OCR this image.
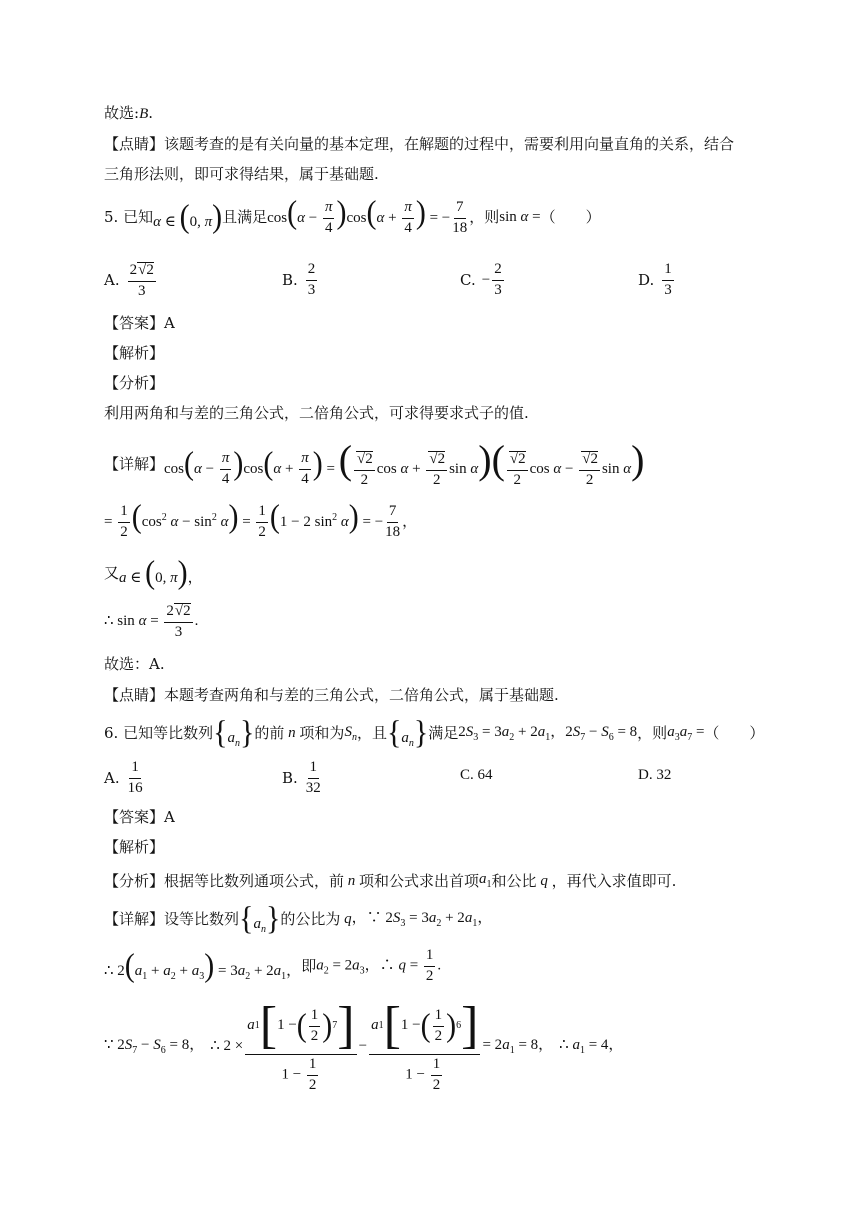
故选:B.
【点睛】该题考查的是有关向量的基本定理，在解题的过程中，需要利用向量直角的关系，结合
三角形法则，即可求得结果，属于基础题.
5. 已知 α ∈ (0, π) 且满足 $\cos(\alpha - \frac{\pi}{4} )\cos(\alpha + \frac{\pi}{4}$ ) = − $\frac{7}{18}$ ，则 sin α = （　　）
A.
2√2
3
B.
2
3
C. − $\frac{2}{3}$	D.
1
3
【答案】A
【解析】
【分析】
利用两角和与差的三角公式，二倍角公式，可求得要求式子的值.
【详解】 $\cos(\alpha - \frac{\pi}{4} )\cos(\alpha + \frac{\pi}{4}$ ) = ( $\frac{√2}{2}$ $\cos \alpha + \frac{√2}{2}$ $\sin \alpha)( \frac{√2}{2}$ $\cos \alpha - \frac{√2}{2}$ sin α)
= $\frac{1}{2} (\cos^2$ $\alpha - \sin^2 \alpha) = \frac{1}{2} (1 - 2$ $\sin^2 \alpha$) = − $\frac{7}{18}$ ，
又 a ∈ (0, π)，
∴ $\sin \alpha = \frac{2√2}{3}$ .
故选：A.
【点睛】本题考查两角和与差的三角公式，二倍角公式，属于基础题.
6. 已知等比数列 $\{a_n\}$ 的前 n 项和为 $S_n$ ，且 $\{a_n\}$ 满足 $2S_3 = 3a_2 + 2a_1$，$2S_7 - S_6 = 8$ ，则 $a_3a_7$ = （　　）
A.
1
16
B.
1
32
C. 64	D. 32
【答案】A
【解析】
【分析】 根据等比数列通项公式，前 n 项和公式求出首项 $a_1$ 和公比 q ，再代入求值即可.
【详解】 设等比数列 $\{a_n\}$ 的公比为 q ，∵ $2S_3 = 3a_2 + 2a_1$，
∴ $2(a_1 + a_2 + a_3) = 3a_2 + 2a_1$， 即 $a_2 = 2a_3$，∴ $q = \frac{1}{2}$ .
∵ $2S_7 - S_6 = 8$， ∴ 2 × a 1 [ 1 − ( 1
2 ) 7 ]
$1 - \frac{1}{2} - a$ 1 [ 1 − ( 1
2 ) 6 ]
$1 - \frac{1}{2} = 2a_1 = 8$， ∴ $a_1 = 4$，
